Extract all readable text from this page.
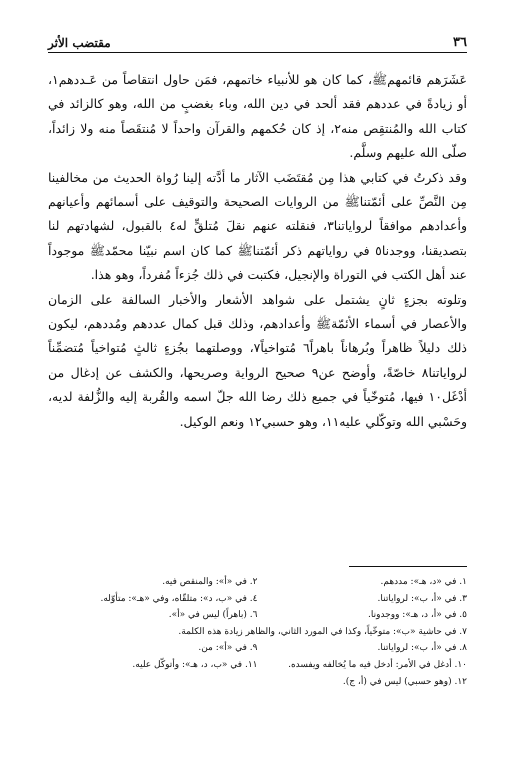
٣٦
مقتضب الأثر

عَشَرَهم قائمهمﷺ، كما كان هو للأنبياء خاتمهم، فمَن حاول انتقاصاً من عَـددهم١، أو زيادةً في عددهم فقد ألحد في دين الله، وباء بغضبٍ من الله، وهو كالزائد في كتاب الله والمُنتقِص منه٢، إذ كان حُكمهم والقرآن واحداً لا مُنتقَصاً منه ولا زائداً، صلّى الله عليهم وسلَّم.

وقد ذكرتُ في كتابي هذا مِن مُقتَضَب الآثار ما أدَّته إلينا رُواة الحديث من مخالفينا مِن النَّصِّ على أئمّتناﷺ من الروايات الصحيحة والتوقيف على أسمائهم وأعيانهم وأعدادهم موافقاً لرواياتنا٣، فنقلته عنهم نقلَ مُتلقٍّ له٤ بالقبول، لشهادتهم لنا بتصديقنا، ووجدنا٥ في رواياتهم ذكر أئمّتناﷺ كما كان اسم نبيّنا محمّدﷺ موجوداً عند أهل الكتب في التوراة والإنجيل، فكتبت في ذلك جُزءاً مُفرداً، وهو هذا.

وتلوته بجزءٍ ثانٍ يشتمل على شواهد الأشعار والأخبار السالفة على الزمان والأعصار في أسماء الأئمّةﷺ وأعدادهم، وذلك قبل كمال عددهم ومُددهم، ليكون ذلك دليلاً ظاهراً وبُرهاناً باهراً٦ مُتواخياً٧، ووصلتهما بجُزءٍ ثالثٍ مُتواخياً مُتضمِّناً لرواياتنا٨ خاصّةً، وأوضح عن٩ صحيح الرواية وصريحها، والكشف عن إدغال من أدْغَل١٠ فيها، مُتوخّياً في جميع ذلك رضا الله جلّ اسمه والقُربة إليه والزُّلفة لديه، وحَسْبي الله وتوكّلي عليه١١، وهو حسبي١٢ ونعم الوكيل.

١. في «د، هـ»: مددهم.
٢. في «أ»: والمنقص فيه.
٣. في «أ، ب»: لرواياتنا.
٤. في «ب، د»: متلقّاه، وفي «هـ»: متأوّله.
٥. في «أ، د، هـ»: ووجدونا.
٦. (باهراً) ليس في «أ».
٧. في حاشية «ب»: متوخّياً، وكذا في المورد الثاني، والظاهر زيادة هذه الكلمة.
٨. في «أ، ب»: لرواياتنا.
٩. في «أ»: من.
١٠. أدغل في الأمر: أدخل فيه ما يُخالفه ويفسده.
١١. في «ب، د، هـ»: وأتوكّل عليه.
١٢. (وهو حسبي) ليس في (أ، ج).
